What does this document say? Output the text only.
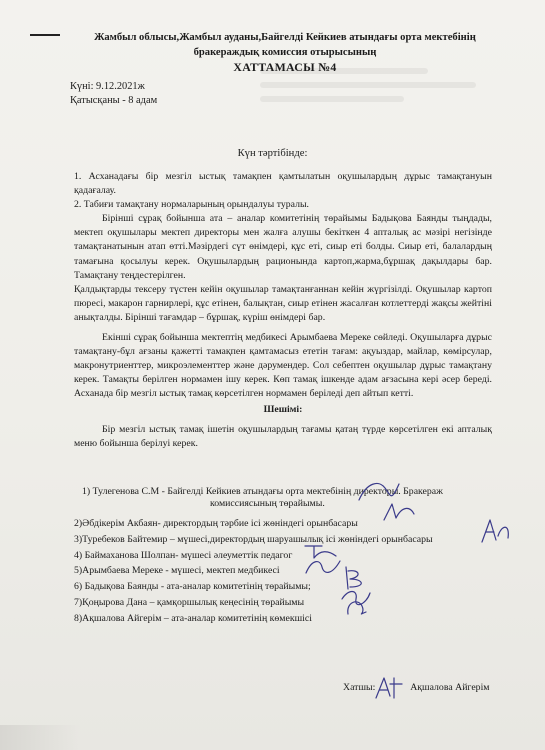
Жамбыл облысы,Жамбыл ауданы,Байгелді Кейкиев атындағы орта мектебінің
бракераждық комиссия отырысының
ХАТТАМАСЫ №4
Күні: 9.12.2021ж
Қатысқаны - 8 адам
Күн тәртібінде:

1. Асханадағы бір мезгіл ыстық тамақпен қамтылатын оқушылардың дұрыс тамақтануын қадағалау.

2. Табиғи тамақтану нормаларының орындалуы туралы.

Бірінші сұрақ бойынша ата – аналар комитетінің төрайымы Бадықова Баянды тыңдады, мектеп оқушылары мектеп директоры мен жалға алушы бекіткен 4 апталық ас мәзірі негізінде тамақтанатынын атап өтті.Мәзірдегі сүт өнімдері, құс еті, сиыр еті болды. Сиыр еті, балалардың тамағына қосылуы керек. Оқушылардың рационында картоп,жарма,бұршақ дақылдары бар. Тамақтану теңдестерілген.

Қалдықтарды тексеру түстен кейін оқушылар тамақтанғаннан кейін жүргізілді. Оқушылар картоп пюресі, макарон гарнирлері, құс етінен, балықтан, сиыр етінен жасалған котлеттерді жақсы жейтіні анықталды. Бірінші тағамдар – бұршақ, күріш өнімдері бар.

Екінші сұрақ бойынша мектептің медбикесі Арымбаева Мереке сөйледі. Оқушыларға дұрыс тамақтану-бұл ағзаны қажетті тамақпен қамтамасыз ететін тағам: ақуыздар, майлар, көмірсулар, макронутриенттер, микроэлементтер және дәрумендер. Сол себептен оқушылар дұрыс тамақтану керек. Тамақты берілген нормамен ішу керек. Көп тамақ ішкенде адам ағзасына кері әсер береді. Асханада бір мезгіл ыстық тамақ көрсетілген нормамен беріледі деп айтып кетті.

Шешімі:

Бір мезгіл ыстық тамақ ішетін оқушылардың тағамы қатаң түрде көрсетілген екі апталық меню бойынша берілуі керек.

1) Тулегенова С.М - Байгелді Кейкиев атындағы орта мектебінің директоры. Бракераж
комиссиясының төрайымы.

2)Әбдікерім Акбаян- директордың тәрбие ісі жөніндегі орынбасары

3)Туребеков Байтемир – мүшесі,директордың шаруашылық ісі жөніндегі орынбасары

4) Баймаханова Шолпан- мүшесі әлеуметтік педагог

5)Арымбаева Мереке - мүшесі, мектеп медбикесі

6) Бадықова Баянды - ата-аналар комитетінің төрайымы;

7)Қоңырова Дана – қамқоршылық кеңесінің төрайымы

8)Ақшалова Айгерім – ата-аналар комитетінің көмекшісі

Хатшы:	Ақшалова Айгерім
